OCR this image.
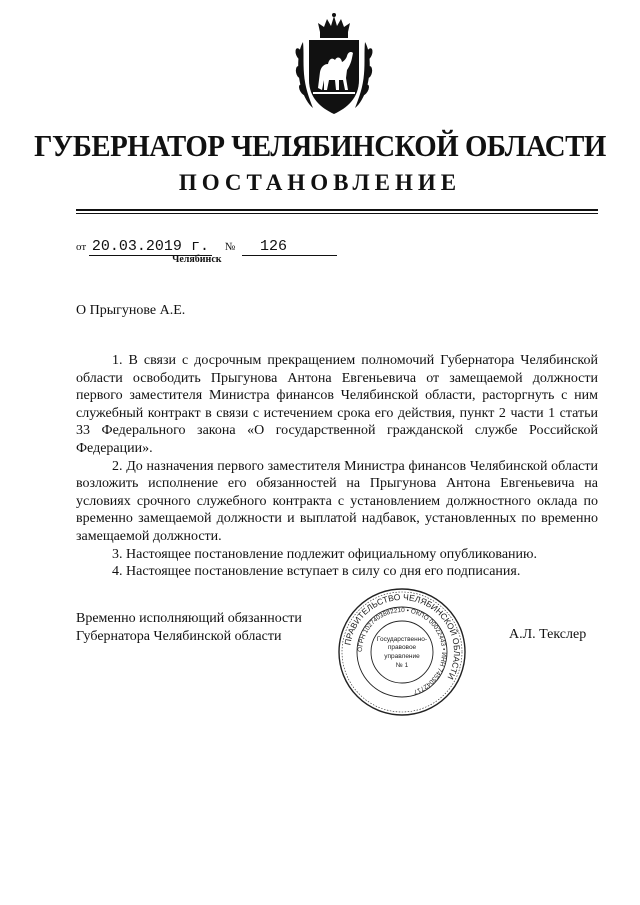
ГУБЕРНАТОР ЧЕЛЯБИНСКОЙ ОБЛАСТИ
ПОСТАНОВЛЕНИЕ
от 20.03.2019 г. № 126
Челябинск
О Прыгунове А.Е.

1. В связи с досрочным прекращением полномочий Губернатора Челябинской области освободить Прыгунова Антона Евгеньевича от замещаемой должности первого заместителя Министра финансов Челябинской области, расторгнуть с ним служебный контракт в связи с истечением срока его действия, пункт 2 части 1 статьи 33 Федерального закона «О государственной гражданской службе Российской Федерации».

2. До назначения первого заместителя Министра финансов Челябинской области возложить исполнение его обязанностей на Прыгунова Антона Евгеньевича на условиях срочного служебного контракта с установлением должностного оклада по временно замещаемой должности и выплатой надбавок, установленных по временно замещаемой должности.

3. Настоящее постановление подлежит официальному опубликованию.

4. Настоящее постановление вступает в силу со дня его подписания.

Временно исполняющий обязанности
Губернатора Челябинской области	ПРАВИТЕЛЬСТВО ЧЕЛЯБИНСКОЙ ОБЛАСТИ
ОГРН 1027403882210 • ОКПО 00022443 • ИНН 7453042717
Государственно-
правовое
управление
№ 1
А.Л. Текслер
